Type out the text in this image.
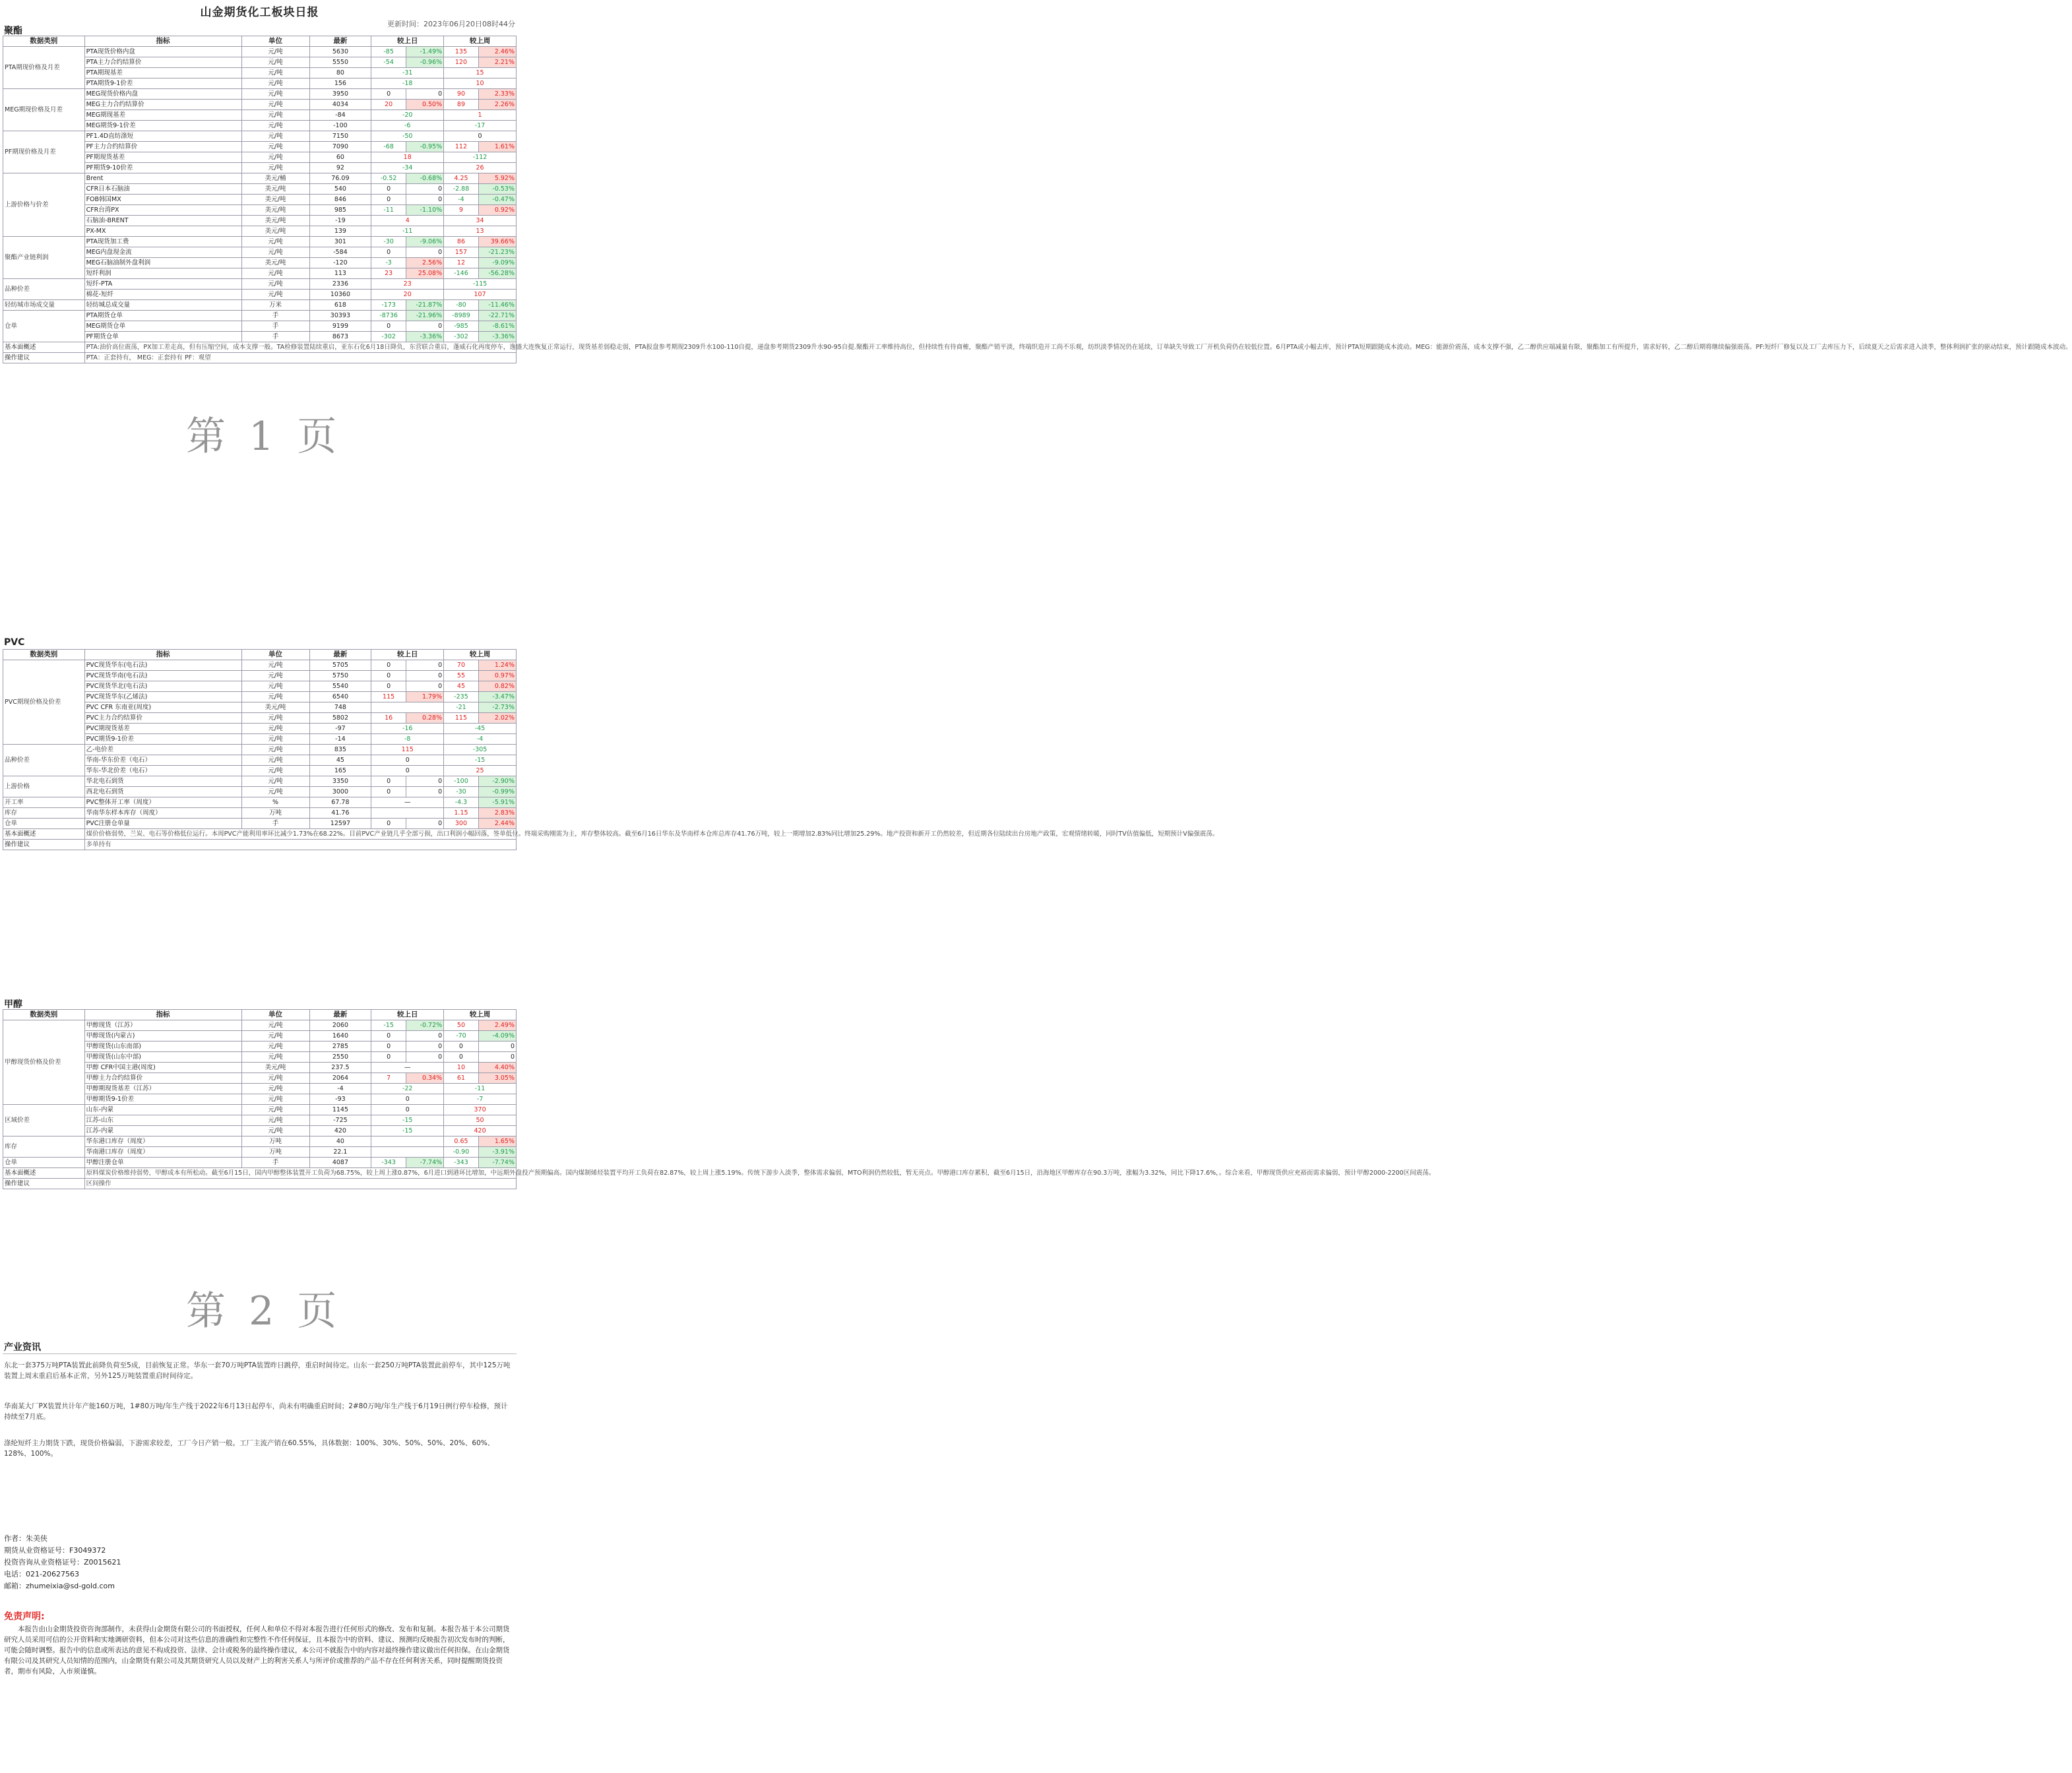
山金期货化工板块日报
更新时间：2023年06月20日08时44分
聚酯
数据类别	指标	单位	最新	较上日		较上周	
PTA期现价格及月差	PTA现货价格内盘	元/吨	5630	-85	-1.49%	135	2.46%
	PTA主力合约结算价	元/吨	5550	-54	-0.96%	120	2.21%
	PTA期现基差	元/吨	80	-31		15	
	PTA期货9-1价差	元/吨	156	-18		10	
MEG期现价格及月差	MEG现货价格内盘	元/吨	3950	0	0	90	2.33%
	MEG主力合约结算价	元/吨	4034	20	0.50%	89	2.26%
	MEG期现基差	元/吨	-84	-20		1	
	MEG期货9-1价差	元/吨	-100	-6		-17	
PF期现价格及月差	PF1.4D直纺涤短	元/吨	7150	-50		0	
	PF主力合约结算价	元/吨	7090	-68	-0.95%	112	1.61%
	PF期现货基差	元/吨	60	18		-112	
	PF期货9-10价差	元/吨	92	-34		26	
上游价格与价差	Brent	美元/桶	76.09	-0.52	-0.68%	4.25	5.92%
	CFR日本石脑油	美元/吨	540	0	0	-2.88	-0.53%
	FOB韩国MX	美元/吨	846	0	0	-4	-0.47%
	CFR台湾PX	美元/吨	985	-11	-1.10%	9	0.92%
	石脑油-BRENT	美元/吨	-19	4		34	
	PX-MX	美元/吨	139	-11		13	
聚酯产业链利润	PTA现货加工费	元/吨	301	-30	-9.06%	86	39.66%
	MEG内盘现金流	元/吨	-584	0	0	157	-21.23%
	MEG石脑油制外盘利润	美元/吨	-120	-3	2.56%	12	-9.09%
	短纤利润	元/吨	113	23	25.08%	-146	-56.28%
品种价差	短纤-PTA	元/吨	2336	23		-115	
	棉花-短纤	元/吨	10360	20		107	
轻纺城市场成交量	轻纺城总成交量	万米	618	-173	-21.87%	-80	-11.46%
仓单	PTA期货仓单	手	30393	-8736	-21.96%	-8989	-22.71%
	MEG期货仓单	手	9199	0	0	-985	-8.61%
	PF期货仓单	手	8673	-302	-3.36%	-302	-3.36%
基本面概述	PTA:油价高位震荡，PX加工差走高，但有压缩空间，成本支撑一般。TA检修装置陆续重启，亚东石化6月18日降负，东营联合重启，蓬威石化再度停车，逸盛大连恢复正常运行，现货基差弱稳走弱，PTA报盘参考期现2309升水100-110自提，递盘参考期货2309升水90-95自提.聚酯开工率维持高位，但持续性有待商榷，聚酯产销平淡，终端织造开工尚不乐观，纺织淡季情况仍在延续，订单缺失导致工厂开机负荷仍在较低位置。6月PTA或小幅去库，预计PTA短期跟随成本波动。MEG：能源价震荡，成本支撑不强，乙二醇供应端减量有限，聚酯加工有所提升，需求好转，乙二醇后期将继续偏强震荡。PF:短纤厂修复以及工厂去库压力下，后续夏天之后需求进入淡季，整体利润扩张的驱动结束，预计跟随成本波动。						
操作建议	PTA：正套持有， MEG：正套持有 PF：观望						
第 1 页
PVC
数据类别	指标	单位	最新	较上日		较上周	
PVC期现价格及价差	PVC现货华东(电石法)	元/吨	5705	0	0	70	1.24%
	PVC现货华南(电石法)	元/吨	5750	0	0	55	0.97%
	PVC现货华北(电石法)	元/吨	5540	0	0	45	0.82%
	PVC现货华东(乙烯法)	元/吨	6540	115	1.79%	-235	-3.47%
	PVC CFR 东南亚(周度)	美元/吨	748			-21	-2.73%
	PVC主力合约结算价	元/吨	5802	16	0.28%	115	2.02%
	PVC期现货基差	元/吨	-97	-16		-45	
	PVC期货9-1价差	元/吨	-14	-8		-4	
品种价差	乙-电价差	元/吨	835	115		-305	
	华南-华东价差（电石）	元/吨	45	0		-15	
	华东-华北价差（电石）	元/吨	165	0		25	
上游价格	华北电石到货	元/吨	3350	0	0	-100	-2.90%
	西北电石到货	元/吨	3000	0	0	-30	-0.99%
开工率	PVC整体开工率（周度）	%	67.78	—		-4.3	-5.91%
库存	华南华东样本库存（周度）	万吨	41.76			1.15	2.83%
仓单	PVC注册仓单量	手	12597	0	0	300	2.44%
基本面概述	煤价价格弱势，兰炭、电石等价格低位运行。本周PVC产能利用率环比减少1.73%在68.22%。目前PVC产业链几乎全部亏损，出口利润小幅回落，签单低位。终端采购刚需为主，库存整体较高。截至6月16日华东及华南样本仓库总库存41.76万吨，较上一期增加2.83%同比增加25.29%。地产投资和新开工仍然较差，但近期各位陆续出台房地产政策，宏观情绪转暖，同时TV估值偏低，短期预计V偏强震荡。						
操作建议	多单持有						
甲醇
数据类别	指标	单位	最新	较上日		较上周	
甲醇现货价格及价差	甲醇现货（江苏）	元/吨	2060	-15	-0.72%	50	2.49%
	甲醇现货(内蒙古)	元/吨	1640	0	0	-70	-4.09%
	甲醇现货(山东南部)	元/吨	2785	0	0	0	0
	甲醇现货(山东中部)	元/吨	2550	0	0	0	0
	甲醇 CFR中国主港(周度)	美元/吨	237.5	—		10	4.40%
	甲醇主力合约结算价	元/吨	2064	7	0.34%	61	3.05%
	甲醇期现货基差（江苏）	元/吨	-4	-22		-11	
	甲醇期货9-1价差	元/吨	-93	0		-7	
区域价差	山东-内蒙	元/吨	1145	0		370	
	江苏-山东	元/吨	-725	-15		50	
	江苏-内蒙	元/吨	420	-15		420	
库存	华东港口库存（周度）	万吨	40			0.65	1.65%
	华南港口库存（周度）	万吨	22.1			-0.90	-3.91%
仓单	甲醇注册仓单	手	4087	-343	-7.74%	-343	-7.74%
基本面概述	原料煤炭价格维持弱势，甲醇成本有所松动。截至6月15日，国内甲醇整体装置开工负荷为68.75%，较上周上涨0.87%，6月进口到港环比增加，中远期外盘投产预期偏高。国内煤制烯烃装置平均开工负荷在82.87%，较上周上涨5.19%。传统下游步入淡季，整体需求偏弱，MTO利润仍然较低，暂无亮点。甲醇港口库存累积，截至6月15日，沿海地区甲醇库存在90.3万吨，涨幅为3.32%，同比下降17.6%，。综合来看，甲醇现货供应充裕而需求偏弱，预计甲醇2000-2200区间震荡。						
操作建议	区间操作						
第 2 页
产业资讯
东北一套375万吨PTA装置此前降负荷至5成，目前恢复正常。华东一套70万吨PTA装置昨日跳停，重启时间待定。山东一套250万吨PTA装置此前停车，其中125万吨装置上周末重启后基本正常，另外125万吨装置重启时间待定。
华南某大厂PX装置共计年产能160万吨，1#80万吨/年生产线于2022年6月13日起停车，尚未有明确重启时间；2#80万吨/年生产线于6月19日例行停车检修，预计持续至7月底。
涤纶短纤主力期货下跌，现货价格偏弱，下游需求较差，工厂今日产销一般。工厂主流产销在60.55%，具体数据：100%、30%、50%、50%、20%、60%、128%、100%。
作者：朱美侠
期货从业资格证号：F3049372
投资咨询从业资格证号：Z0015621
电话：021-20627563
邮箱：zhumeixia@sd-gold.com
免责声明:
本报告由山金期货投资咨询部制作，未获得山金期货有限公司的书面授权，任何人和单位不得对本报告进行任何形式的修改、发布和复制。本报告基于本公司期货研究人员采用可信的公开资料和实地调研资料，但本公司对这些信息的准确性和完整性不作任何保证，且本报告中的资料、建议、预测均反映报告初次发布时的判断，可能会随时调整。报告中的信息或所表达的意见不构成投资、法律、会计或税务的最终操作建议，本公司不就报告中的内容对最终操作建议做出任何担保。在山金期货有限公司及其研究人员知情的范围内，山金期货有限公司及其期货研究人员以及财产上的利害关系人与所评价或推荐的产品不存在任何利害关系，同时提醒期货投资者，期市有风险，入市须谨慎。
